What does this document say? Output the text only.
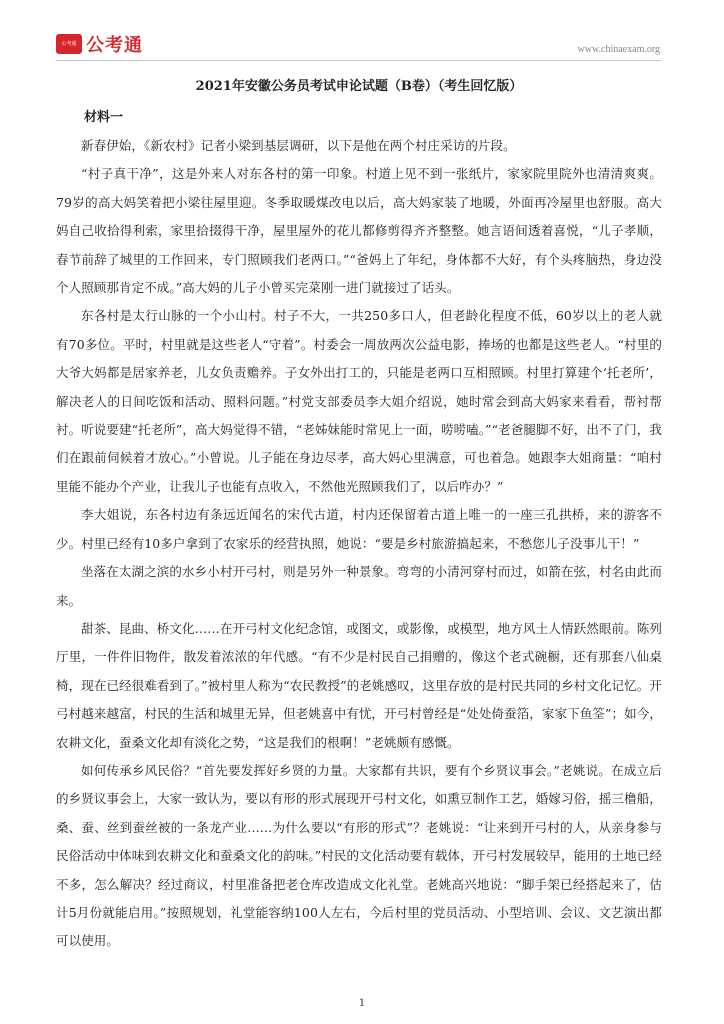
公考通 公考通	www.chinaexam.org
2021年安徽公务员考试申论试题（B卷）（考生回忆版）
材料一

新春伊始，《新农村》记者小梁到基层调研，以下是他在两个村庄采访的片段。

“村子真干净”，这是外来人对东各村的第一印象。村道上见不到一张纸片，家家院里院外也清清爽爽。79岁的高大妈笑着把小梁往屋里迎。冬季取暖煤改电以后，高大妈家装了地暖，外面再冷屋里也舒服。高大妈自己收拾得利索，家里拾掇得干净，屋里屋外的花儿都修剪得齐齐整整。她言语间透着喜悦，“儿子孝顺，春节前辞了城里的工作回来，专门照顾我们老两口。”“爸妈上了年纪，身体都不大好，有个头疼脑热，身边没个人照顾那肯定不成。”高大妈的儿子小曾买完菜刚一进门就接过了话头。

东各村是太行山脉的一个小山村。村子不大，一共250多口人，但老龄化程度不低，60岁以上的老人就有70多位。平时，村里就是这些老人“守着”。村委会一周放两次公益电影，捧场的也都是这些老人。“村里的大爷大妈都是居家养老，儿女负责赡养。子女外出打工的，只能是老两口互相照顾。村里打算建个‘托老所’，解决老人的日间吃饭和活动、照料问题。”村党支部委员李大姐介绍说，她时常会到高大妈家来看看，帮衬帮衬。听说要建“托老所”，高大妈觉得不错，“老姊妹能时常见上一面，唠唠嗑。”“老爸腿脚不好，出不了门，我们在跟前伺候着才放心。”小曾说。儿子能在身边尽孝，高大妈心里满意，可也着急。她跟李大姐商量：“咱村里能不能办个产业，让我儿子也能有点收入，不然他光照顾我们了，以后咋办？”

李大姐说，东各村边有条远近闻名的宋代古道，村内还保留着古道上唯一的一座三孔拱桥，来的游客不少。村里已经有10多户拿到了农家乐的经营执照，她说：“要是乡村旅游搞起来，不愁您儿子没事儿干！”

坐落在太湖之滨的水乡小村开弓村，则是另外一种景象。弯弯的小清河穿村而过，如箭在弦，村名由此而来。

甜茶、昆曲、桥文化……在开弓村文化纪念馆，或图文，或影像，或模型，地方风土人情跃然眼前。陈列厅里，一件件旧物件，散发着浓浓的年代感。“有不少是村民自己捐赠的，像这个老式碗橱，还有那套八仙桌椅，现在已经很难看到了。”被村里人称为“农民教授”的老姚感叹，这里存放的是村民共同的乡村文化记忆。开弓村越来越富，村民的生活和城里无异，但老姚喜中有忧，开弓村曾经是“处处倚蚕箔，家家下鱼筌”；如今，农耕文化，蚕桑文化却有淡化之势，“这是我们的根啊！”老姚颇有感慨。

如何传承乡风民俗？“首先要发挥好乡贤的力量。大家都有共识，要有个乡贤议事会。”老姚说。在成立后的乡贤议事会上，大家一致认为，要以有形的形式展现开弓村文化，如熏豆制作工艺，婚嫁习俗，摇三橹船，桑、蚕、丝到蚕丝被的一条龙产业……为什么要以“有形的形式”？老姚说：“让来到开弓村的人，从亲身参与民俗活动中体味到农耕文化和蚕桑文化的韵味。”村民的文化活动要有载体，开弓村发展较早，能用的土地已经不多，怎么解决？经过商议，村里准备把老仓库改造成文化礼堂。老姚高兴地说：“脚手架已经搭起来了，估计5月份就能启用。”按照规划，礼堂能容纳100人左右，今后村里的党员活动、小型培训、会议、文艺演出都可以使用。

1
